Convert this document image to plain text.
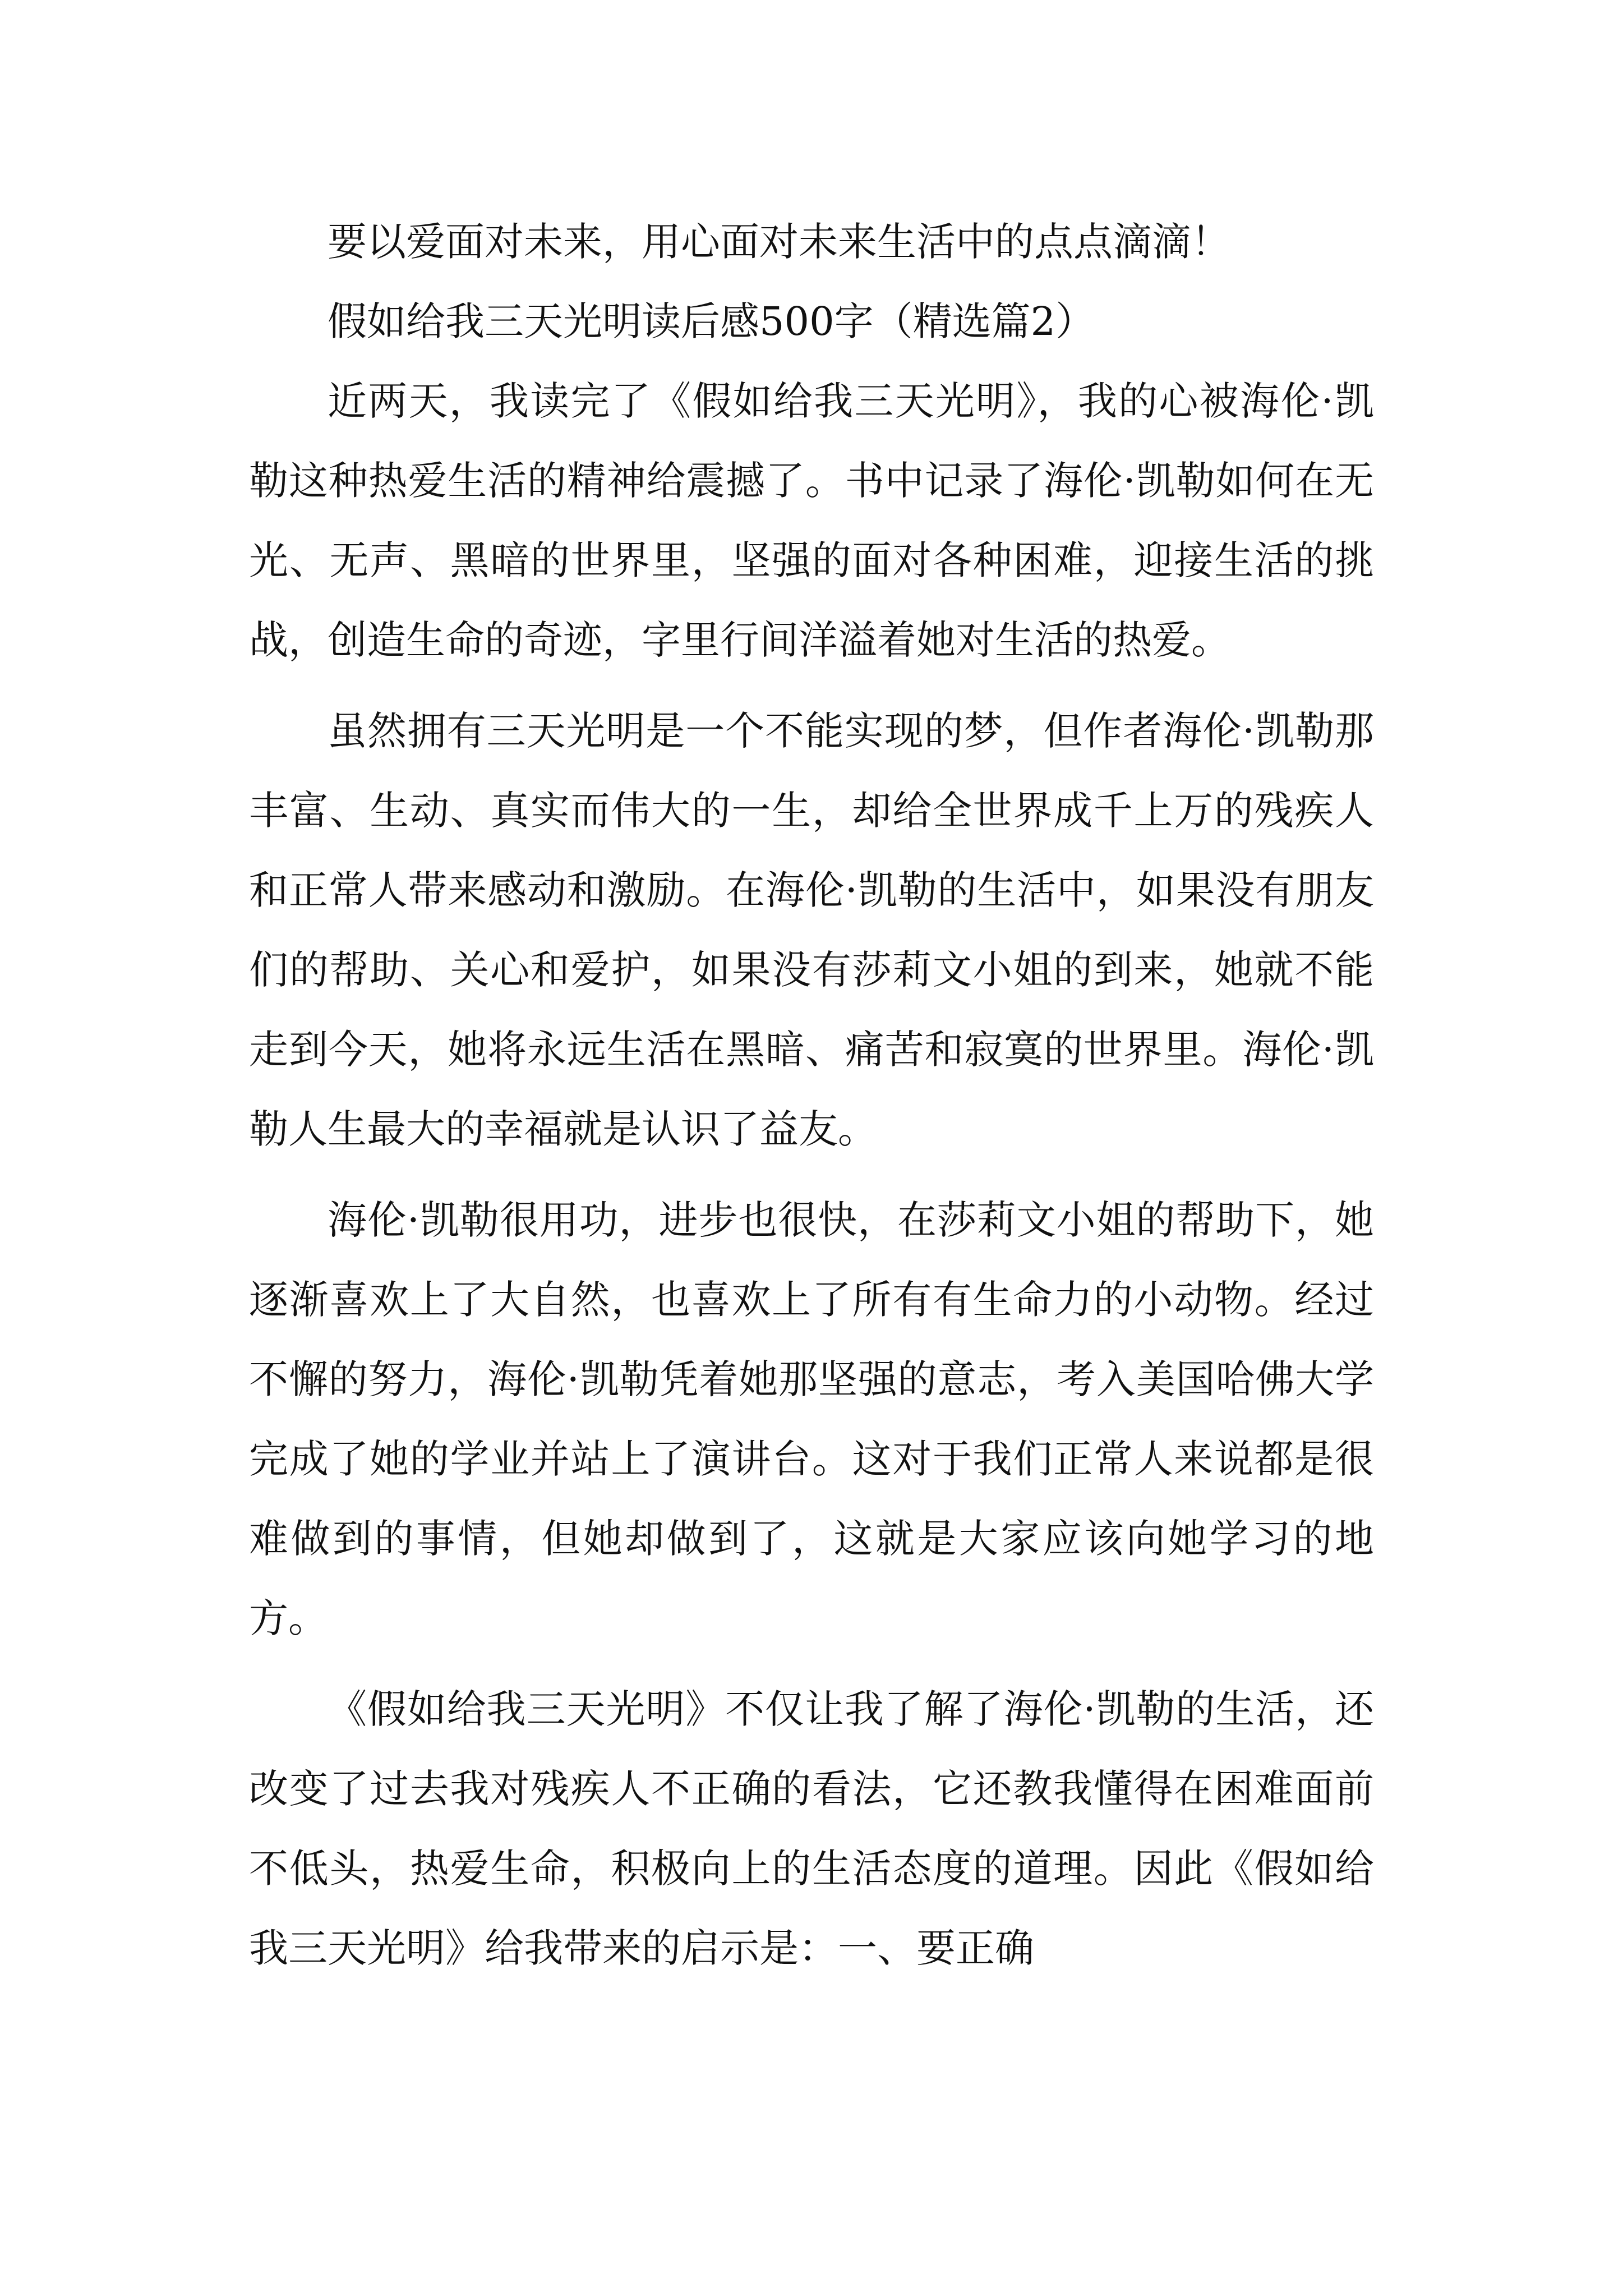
要以爱面对未来，用心面对未来生活中的点点滴滴！

假如给我三天光明读后感500字（精选篇2）

近两天，我读完了《假如给我三天光明》，我的心被海伦·凯勒这种热爱生活的精神给震撼了。书中记录了海伦·凯勒如何在无光、无声、黑暗的世界里，坚强的面对各种困难，迎接生活的挑战，创造生命的奇迹，字里行间洋溢着她对生活的热爱。

虽然拥有三天光明是一个不能实现的梦，但作者海伦·凯勒那丰富、生动、真实而伟大的一生，却给全世界成千上万的残疾人和正常人带来感动和激励。在海伦·凯勒的生活中，如果没有朋友们的帮助、关心和爱护，如果没有莎莉文小姐的到来，她就不能走到今天，她将永远生活在黑暗、痛苦和寂寞的世界里。海伦·凯勒人生最大的幸福就是认识了益友。

海伦·凯勒很用功，进步也很快，在莎莉文小姐的帮助下，她逐渐喜欢上了大自然，也喜欢上了所有有生命力的小动物。经过不懈的努力，海伦·凯勒凭着她那坚强的意志，考入美国哈佛大学完成了她的学业并站上了演讲台。这对于我们正常人来说都是很难做到的事情，但她却做到了，这就是大家应该向她学习的地方。

《假如给我三天光明》不仅让我了解了海伦·凯勒的生活，还改变了过去我对残疾人不正确的看法，它还教我懂得在困难面前不低头，热爱生命，积极向上的生活态度的道理。因此《假如给我三天光明》给我带来的启示是：一、要正确
